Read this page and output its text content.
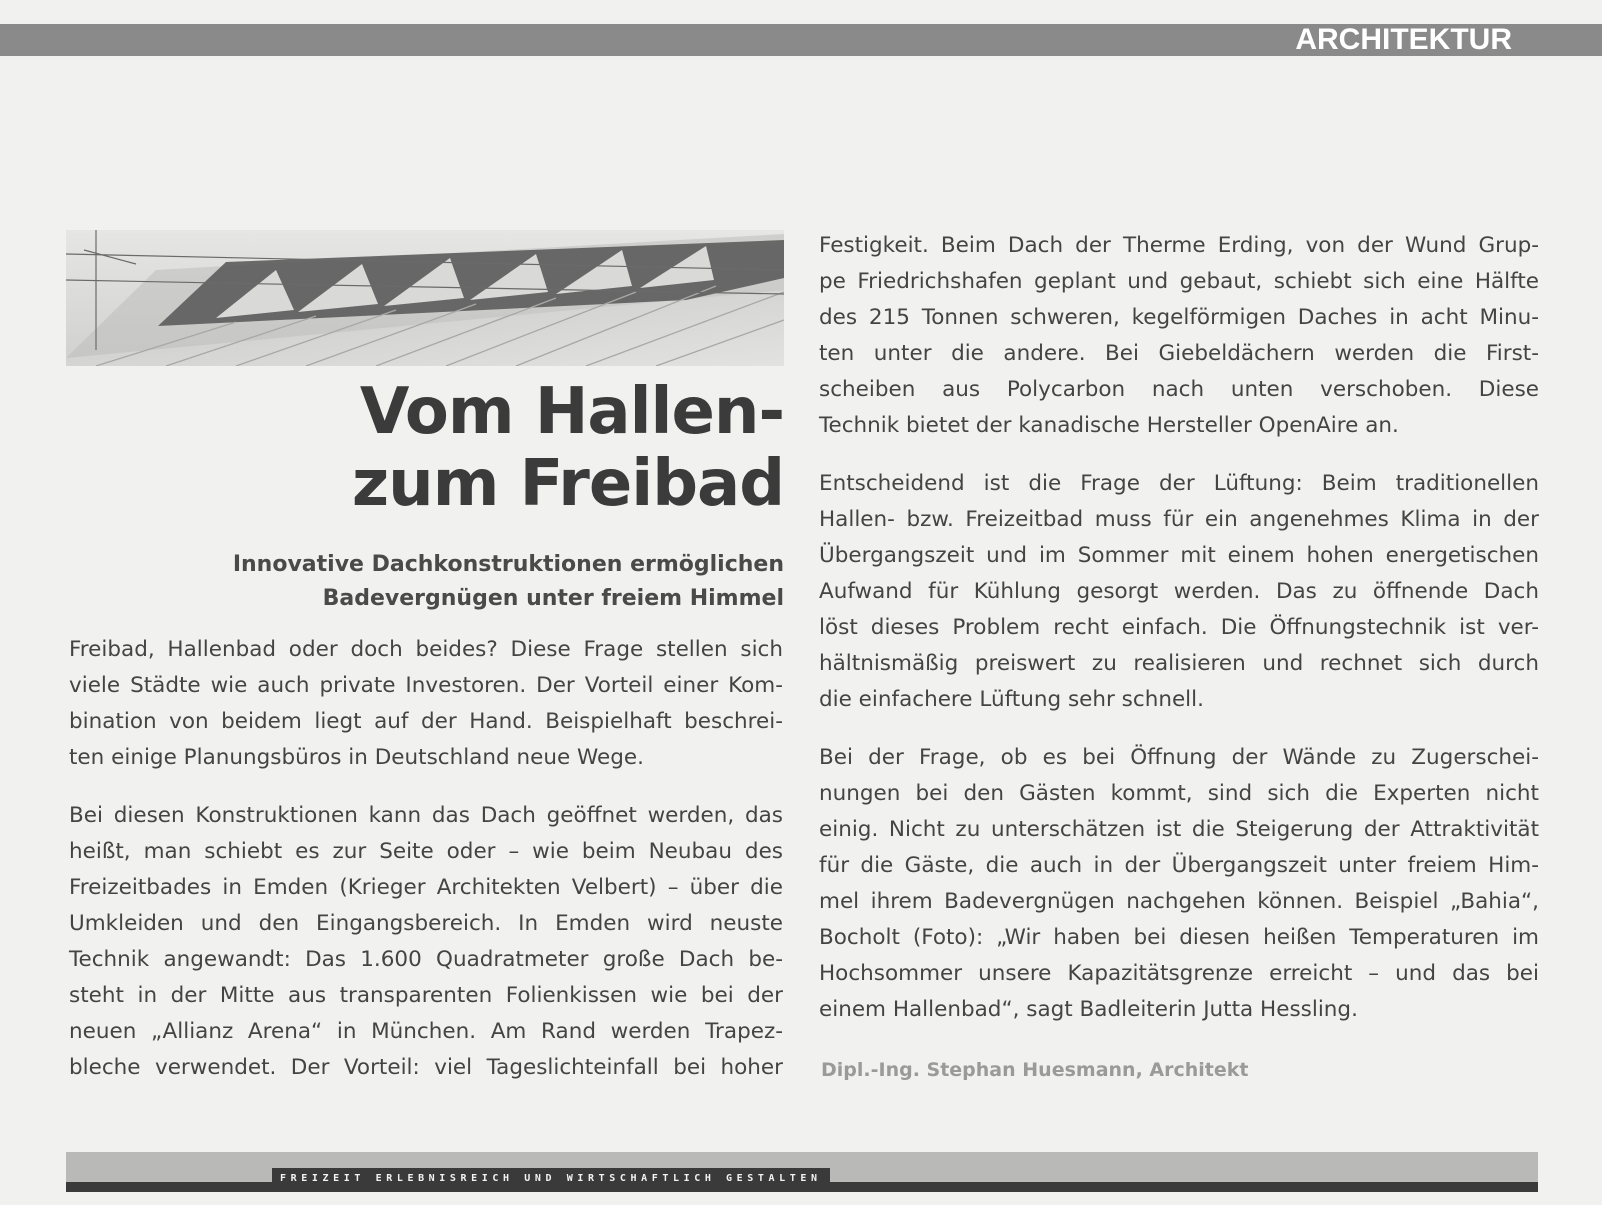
ARCHITEKTUR
Vom Hallen-
zum Freibad
Innovative Dachkonstruktionen ermöglichen
Badevergnügen unter freiem Himmel

Freibad, Hallenbad oder doch beides? Diese Frage stellen sich
viele Städte wie auch private Investoren. Der Vorteil einer Kom-
bination von beidem liegt auf der Hand. Beispielhaft beschrei-
ten einige Planungsbüros in Deutschland neue Wege.

Bei diesen Konstruktionen kann das Dach geöffnet werden, das
heißt, man schiebt es zur Seite oder – wie beim Neubau des
Freizeitbades in Emden (Krieger Architekten Velbert) – über die
Umkleiden und den Eingangsbereich. In Emden wird neuste
Technik angewandt: Das 1.600 Quadratmeter große Dach be-
steht in der Mitte aus transparenten Folienkissen wie bei der
neuen „Allianz Arena“ in München. Am Rand werden Trapez-
bleche verwendet. Der Vorteil: viel Tageslichteinfall bei hoher

Festigkeit. Beim Dach der Therme Erding, von der Wund Grup-
pe Friedrichshafen geplant und gebaut, schiebt sich eine Hälfte
des 215 Tonnen schweren, kegelförmigen Daches in acht Minu-
ten unter die andere. Bei Giebeldächern werden die First-
scheiben aus Polycarbon nach unten verschoben. Diese
Technik bietet der kanadische Hersteller OpenAire an.

Entscheidend ist die Frage der Lüftung: Beim traditionellen
Hallen- bzw. Freizeitbad muss für ein angenehmes Klima in der
Übergangszeit und im Sommer mit einem hohen energetischen
Aufwand für Kühlung gesorgt werden. Das zu öffnende Dach
löst dieses Problem recht einfach. Die Öffnungstechnik ist ver-
hältnismäßig preiswert zu realisieren und rechnet sich durch
die einfachere Lüftung sehr schnell.

Bei der Frage, ob es bei Öffnung der Wände zu Zugerschei-
nungen bei den Gästen kommt, sind sich die Experten nicht
einig. Nicht zu unterschätzen ist die Steigerung der Attraktivität
für die Gäste, die auch in der Übergangszeit unter freiem Him-
mel ihrem Badevergnügen nachgehen können. Beispiel „Bahia“,
Bocholt (Foto): „Wir haben bei diesen heißen Temperaturen im
Hochsommer unsere Kapazitätsgrenze erreicht – und das bei
einem Hallenbad“, sagt Badleiterin Jutta Hessling.

Dipl.-Ing. Stephan Huesmann, Architekt
FREIZEIT ERLEBNISREICH UND WIRTSCHAFTLICH GESTALTEN
